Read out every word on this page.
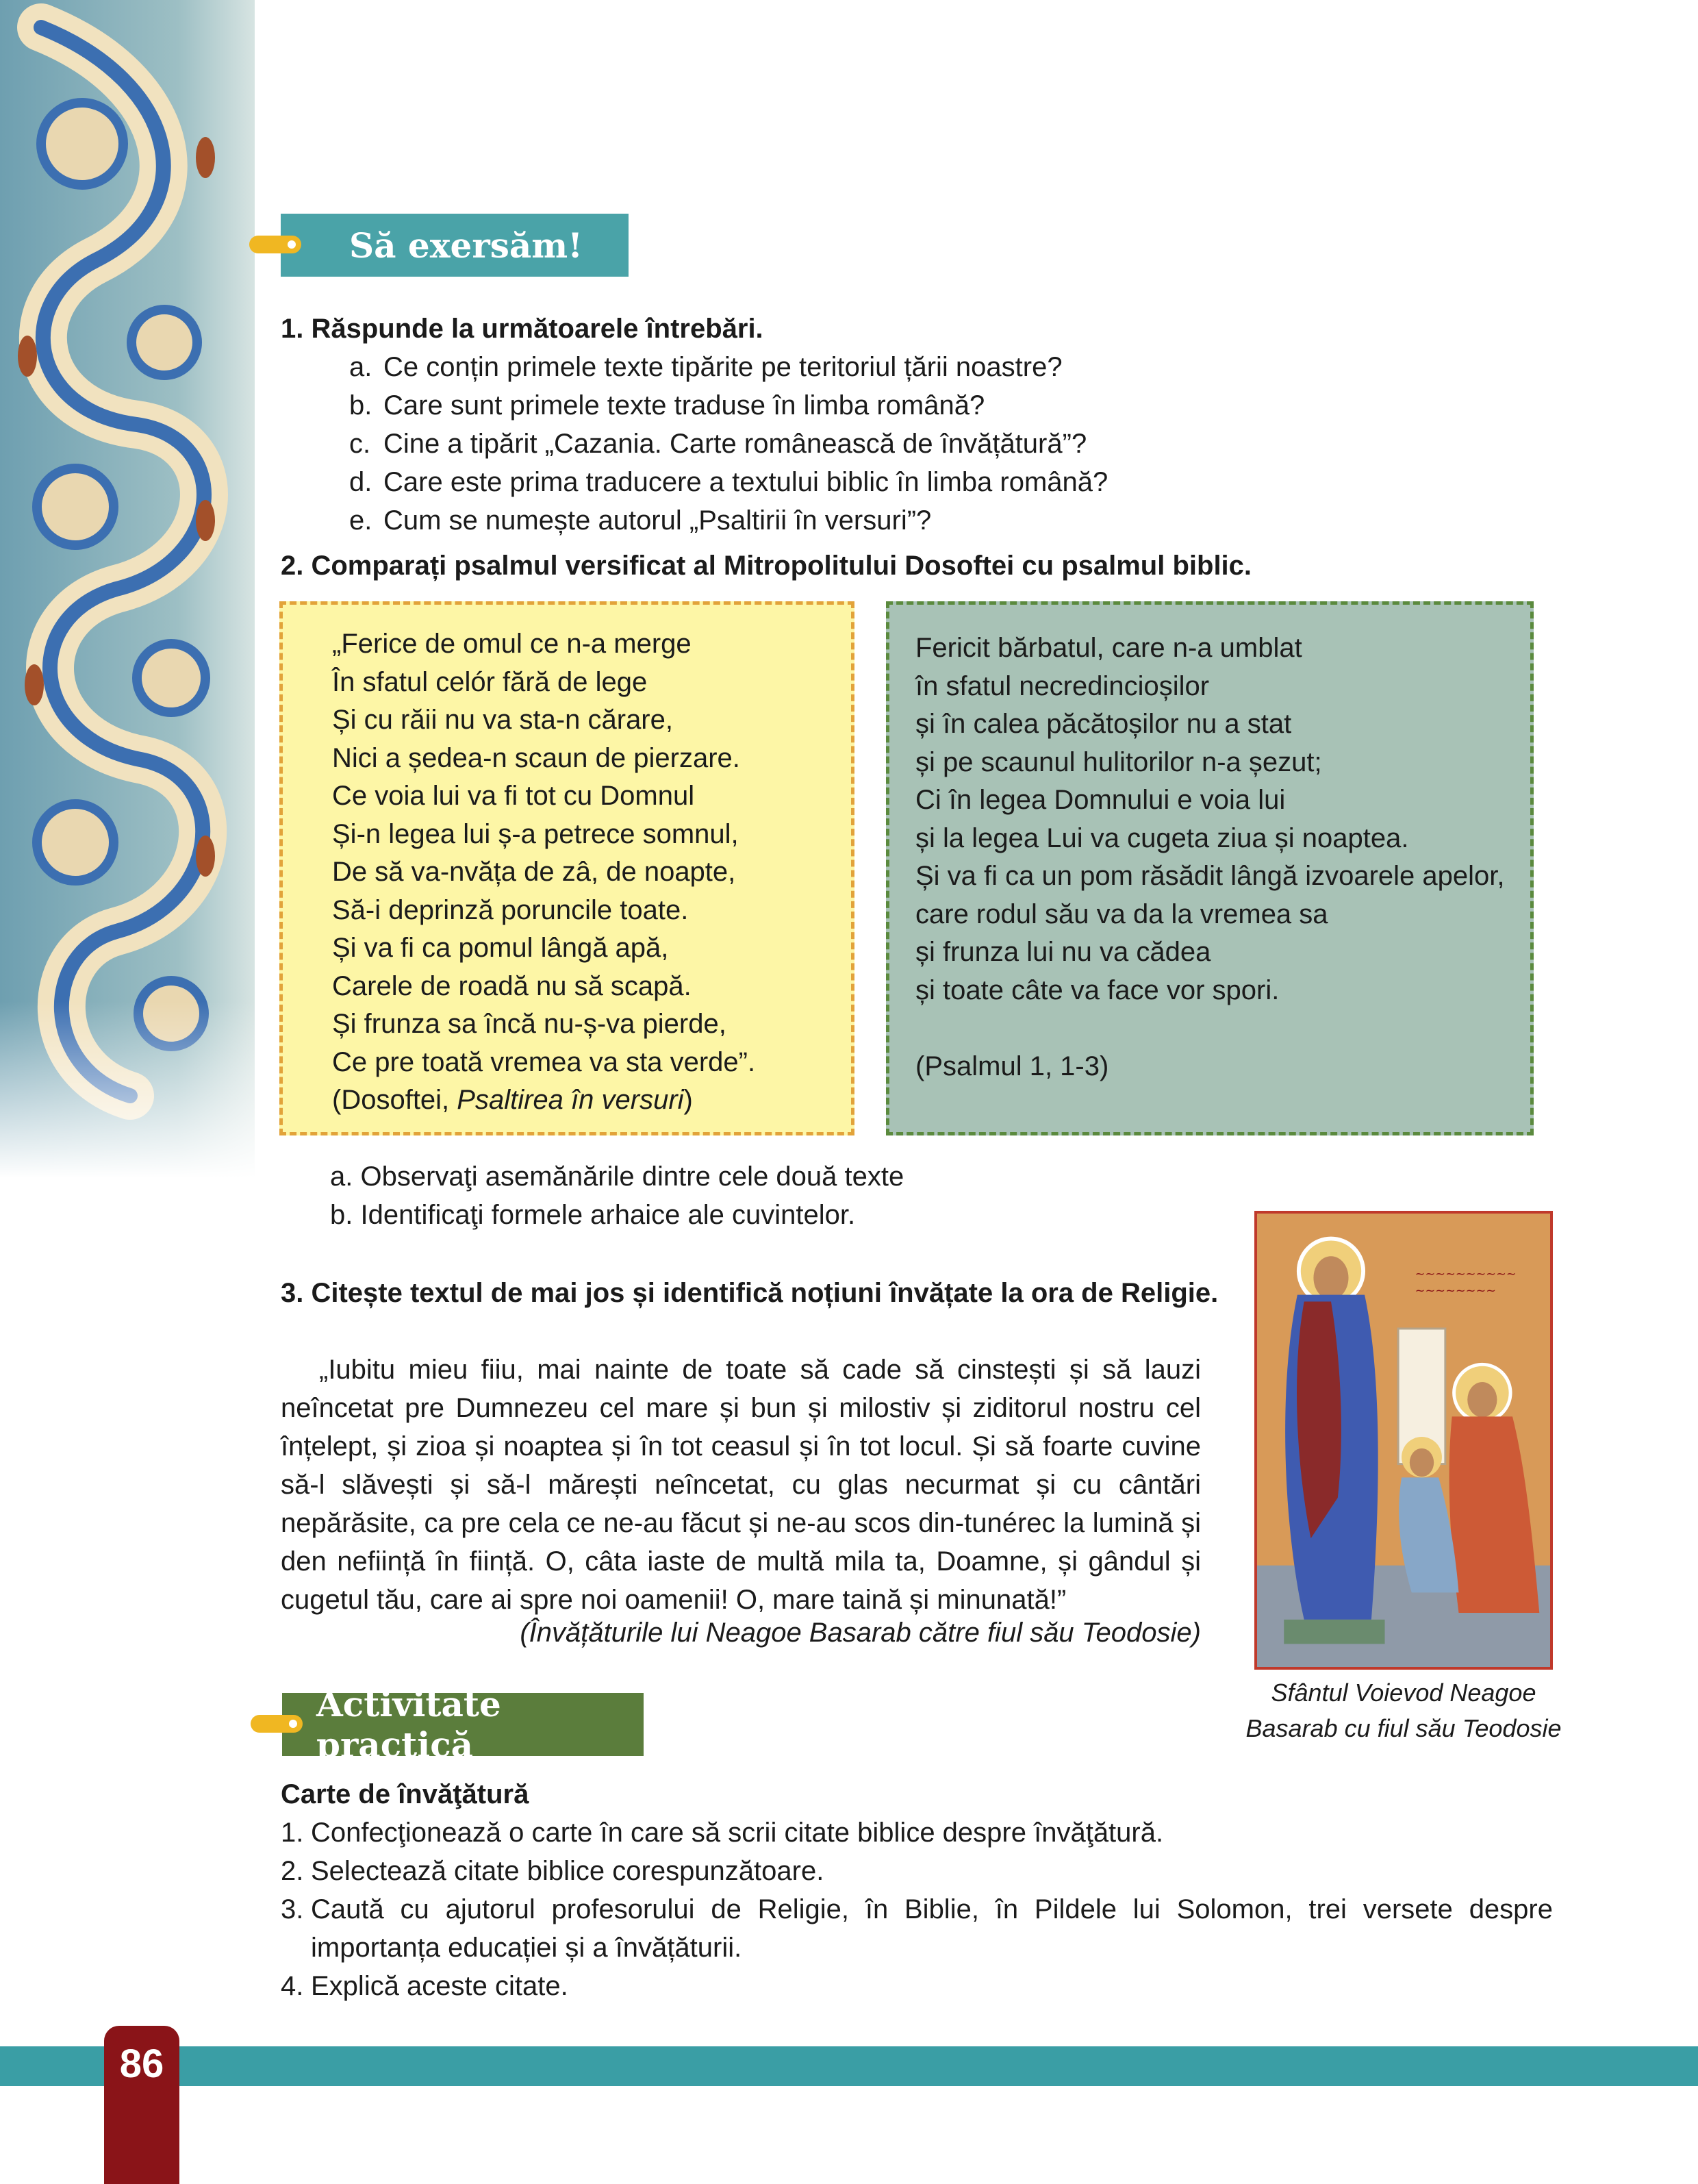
Să exersăm!
1. Răspunde la următoarele întrebări.
a. Ce conțin primele texte tipărite pe teritoriul țării noastre?
b. Care sunt primele texte traduse în limba română?
c. Cine a tipărit „Cazania. Carte românească de învățătură”?
d. Care este prima traducere a textului biblic în limba română?
e. Cum se numește autorul „Psaltirii în versuri”?
2. Comparați psalmul versificat al Mitropolitului Dosoftei cu psalmul biblic.
„Ferice de omul ce n-a merge
În sfatul celór fără de lege
Și cu răii nu va sta-n cărare,
Nici a ședea-n scaun de pierzare.
Ce voia lui va fi tot cu Domnul
Și-n legea lui ș-a petrece somnul,
De să va-nvăța de zâ, de noapte,
Să-i deprinză poruncile toate.
Și va fi ca pomul lângă apă,
Carele de roadă nu să scapă.
Și frunza sa încă nu-ș-va pierde,
Ce pre toată vremea va sta verde”.
(Dosoftei, Psaltirea în versuri)
Fericit bărbatul, care n-a umblat
în sfatul necredincioșilor
și în calea păcătoșilor nu a stat
și pe scaunul hulitorilor n-a șezut;
Ci în legea Domnului e voia lui
și la legea Lui va cugeta ziua și noaptea.
Și va fi ca un pom răsădit lângă izvoarele apelor,
care rodul său va da la vremea sa
și frunza lui nu va cădea
și toate câte va face vor spori.
(Psalmul 1, 1-3)
a. Observaţi asemănările dintre cele două texte
b. Identificaţi formele arhaice ale cuvintelor.
3. Citește textul de mai jos și identifică noțiuni învățate la ora de Religie.
„Iubitu mieu fiiu, mai nainte de toate să cade să cinstești și să lauzi neîncetat pre Dumnezeu cel mare și bun și milostiv și ziditorul nostru cel înțelept, și zioa și noaptea și în tot ceasul și în tot locul. Și să foarte cuvine să-l slăvești și să-l mărești neîncetat, cu glas necurmat și cu cântări nepărăsite, ca pre cela ce ne-au făcut și ne-au scos din-tunérec la lumină și den neființă în ființă. O, câta iaste de multă mila ta, Doamne, și gândul și cugetul tău, care ai spre noi oamenii! O, mare taină și minunată!”
(Învățăturile lui Neagoe Basarab către fiul său Teodosie)
~~~~~~~~~~
~~~~~~~~
Sfântul Voievod Neagoe
Basarab cu fiul său Teodosie
Activitate practică
Carte de învăţătură
1. Confecţionează o carte în care să scrii citate biblice despre învăţătură.
2. Selectează citate biblice corespunzătoare.
3. Caută cu ajutorul profesorului de Religie, în Biblie, în Pildele lui Solomon, trei versete despre importanța educației și a învățăturii.
4. Explică aceste citate.
86
